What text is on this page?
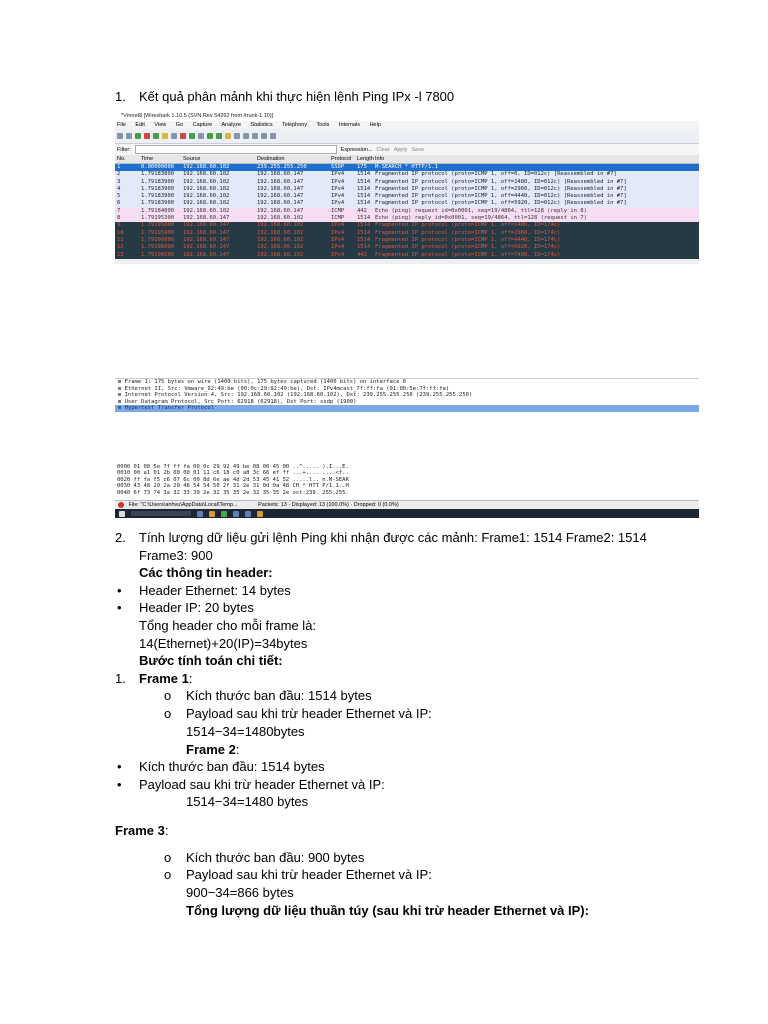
1. Kết quả phân mảnh khi thực hiện lệnh Ping IPx -l 7800
*Vmnet8 [Wireshark 1.10.5 (SVN Rev 54262 from /trunk-1.10)]
File Edit View Go Capture Analyze Statistics Telephony Tools Internals Help
Filter:	Expression... Clear Apply Save
No.	Time	Source	Destination	Protocol	Length Info
1	0.00000000	192.168.60.102	239.255.255.250	SSDP	175	M-SEARCH * HTTP/1.1
2	1.79183800	192.168.60.102	192.168.60.147	IPv4	1514 Fragmented IP protocol (proto=ICMP 1, off=0, ID=012c) [Reassembled in #7]
3	1.79183900	192.168.60.102	192.168.60.147	IPv4	1514 Fragmented IP protocol (proto=ICMP 1, off=1480, ID=012c) [Reassembled in #7]
4	1.79183900	192.168.60.102	192.168.60.147	IPv4	1514 Fragmented IP protocol (proto=ICMP 1, off=2960, ID=012c) [Reassembled in #7]
5	1.79183900	192.168.60.102	192.168.60.147	IPv4	1514 Fragmented IP protocol (proto=ICMP 1, off=4440, ID=012c) [Reassembled in #7]
6	1.79183900	192.168.60.102	192.168.60.147	IPv4	1514 Fragmented IP protocol (proto=ICMP 1, off=5920, ID=012c) [Reassembled in #7]
7	1.79184000	192.168.60.102	192.168.60.147	ICMP	442	Echo (ping) request id=0x0001, seq=19/4864, ttl=128 (reply in 8)
8	1.79195300	192.168.60.147	192.168.60.102	ICMP	1514 Echo (ping) reply id=0x0001, seq=19/4864, ttl=128 (request in 7)
9	1.79195800	192.168.60.147	192.168.60.102	IPv4	1514 Fragmented IP protocol (proto=ICMP 1, off=1480, ID=174c)
10	1.79195900	192.168.60.147	192.168.60.102	IPv4	1514 Fragmented IP protocol (proto=ICMP 1, off=2960, ID=174c)
11	1.79196000	192.168.60.147	192.168.60.102	IPv4	1514 Fragmented IP protocol (proto=ICMP 1, off=4440, ID=174c)
12	1.79196000	192.168.60.147	192.168.60.102	IPv4	1514 Fragmented IP protocol (proto=ICMP 1, off=5920, ID=174c)
13	1.79196500	192.168.60.147	192.168.60.102	IPv4	442	Fragmented IP protocol (proto=ICMP 1, off=7400, ID=174c)
⊞ Frame 1: 175 bytes on wire (1400 bits), 175 bytes captured (1400 bits) on interface 0
⊞ Ethernet II, Src: Vmware_92:49:be (00:0c:29:92:49:be), Dst: IPv4mcast_7f:ff:fa (01:00:5e:7f:ff:fa)
⊞ Internet Protocol Version 4, Src: 192.168.60.102 (192.168.60.102), Dst: 239.255.255.250 (239.255.255.250)
⊞ User Datagram Protocol, Src Port: 62918 (62918), Dst Port: ssdp (1900)
⊞ Hypertext Transfer Protocol
0000 01 00 5e 7f ff fa 00 0c 29 92 49 be 08 00 45 00 ..^..... ).I...E.
0010 00 a1 01 2b 00 00 01 11 c6 18 c0 a8 3c 66 ef ff ...+.... ....<f..
0020 ff fa f5 c6 07 6c 00 8d 6e ae 4d 2d 53 45 41 52 .....l.. n.M-SEAR
0030 43 48 20 2a 20 48 54 54 50 2f 31 2e 31 0d 0a 48 CH * HTT P/1.1..H
0040 6f 73 74 3a 32 33 39 2e 32 35 35 2e 32 35 35 2e ost:239. 255.255.
File: "C:\Users\anhvu\AppData\Local\Temp...	Packets: 13 · Displayed: 13 (100.0%) · Dropped: 0 (0.0%)
2. Tính lượng dữ liệu gửi lệnh Ping khi nhận được các mảnh: Frame1: 1514 Frame2: 1514
Frame3: 900
Các thông tin header:
• Header Ethernet: 14 bytes
• Header IP: 20 bytes
Tổng header cho mỗi frame là:
14(Ethernet)+20(IP)=34bytes
Bước tính toán chi tiết:
1. Frame 1:
o Kích thước ban đầu: 1514 bytes
o Payload sau khi trừ header Ethernet và IP:
1514−34=1480bytes
Frame 2:
• Kích thước ban đầu: 1514 bytes
• Payload sau khi trừ header Ethernet và IP:
1514−34=1480 bytes
Frame 3:
o Kích thước ban đầu: 900 bytes
o Payload sau khi trừ header Ethernet và IP:
900−34=866 bytes
Tổng lượng dữ liệu thuần túy (sau khi trừ header Ethernet và IP):
